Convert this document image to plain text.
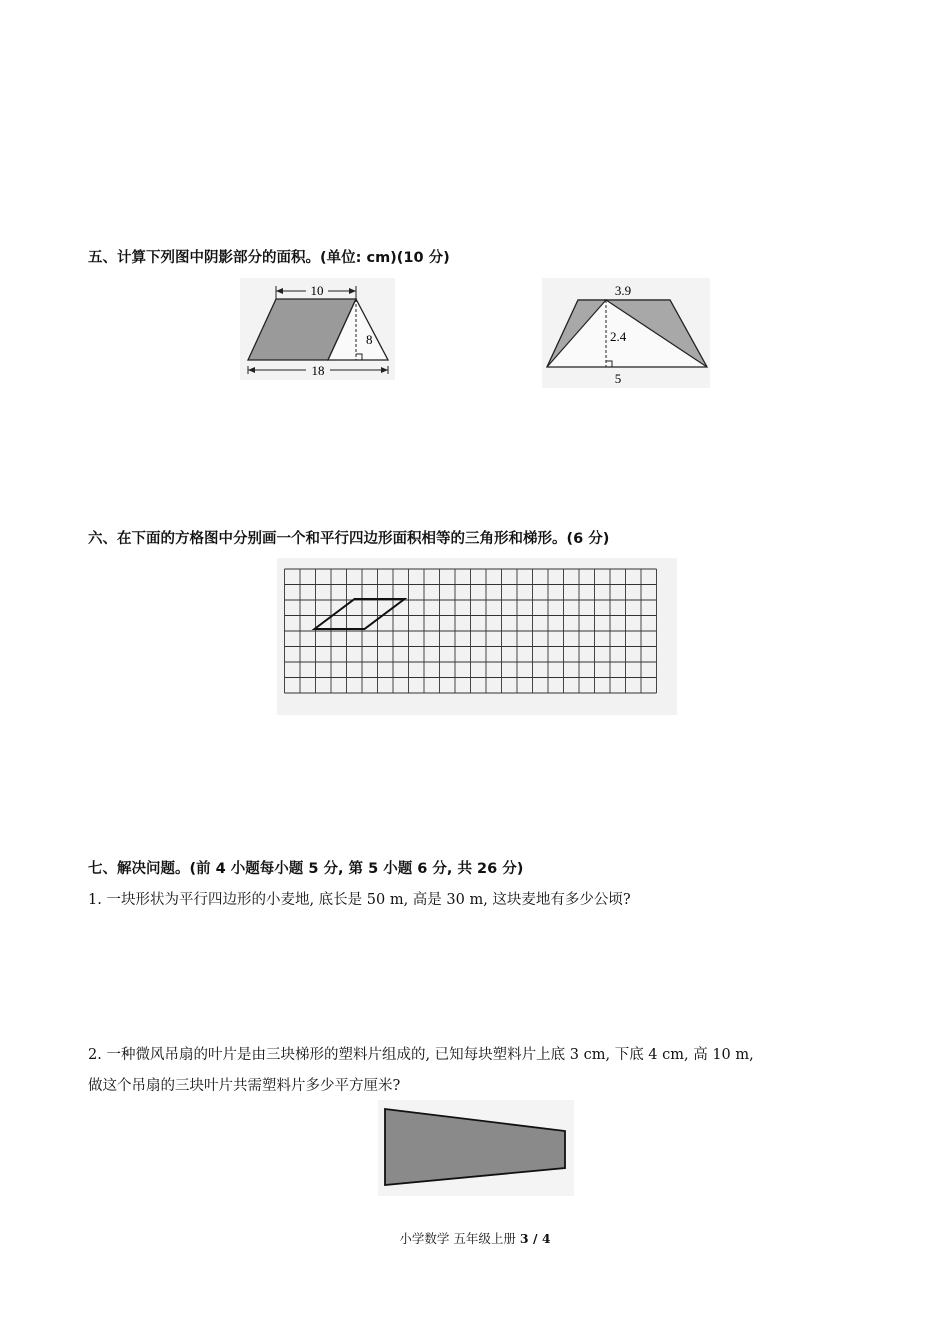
五、计算下列图中阴影部分的面积。(单位: cm)(10 分)
10
8
18
3.9
2.4
5
六、在下面的方格图中分别画一个和平行四边形面积相等的三角形和梯形。(6 分)
七、解决问题。(前 4 小题每小题 5 分, 第 5 小题 6 分, 共 26 分)
1. 一块形状为平行四边形的小麦地, 底长是 50 m, 高是 30 m, 这块麦地有多少公顷?
2. 一种微风吊扇的叶片是由三块梯形的塑料片组成的, 已知每块塑料片上底 3 cm, 下底 4 cm, 高 10 m,
做这个吊扇的三块叶片共需塑料片多少平方厘米?
小学数学 五年级上册 3 / 4
